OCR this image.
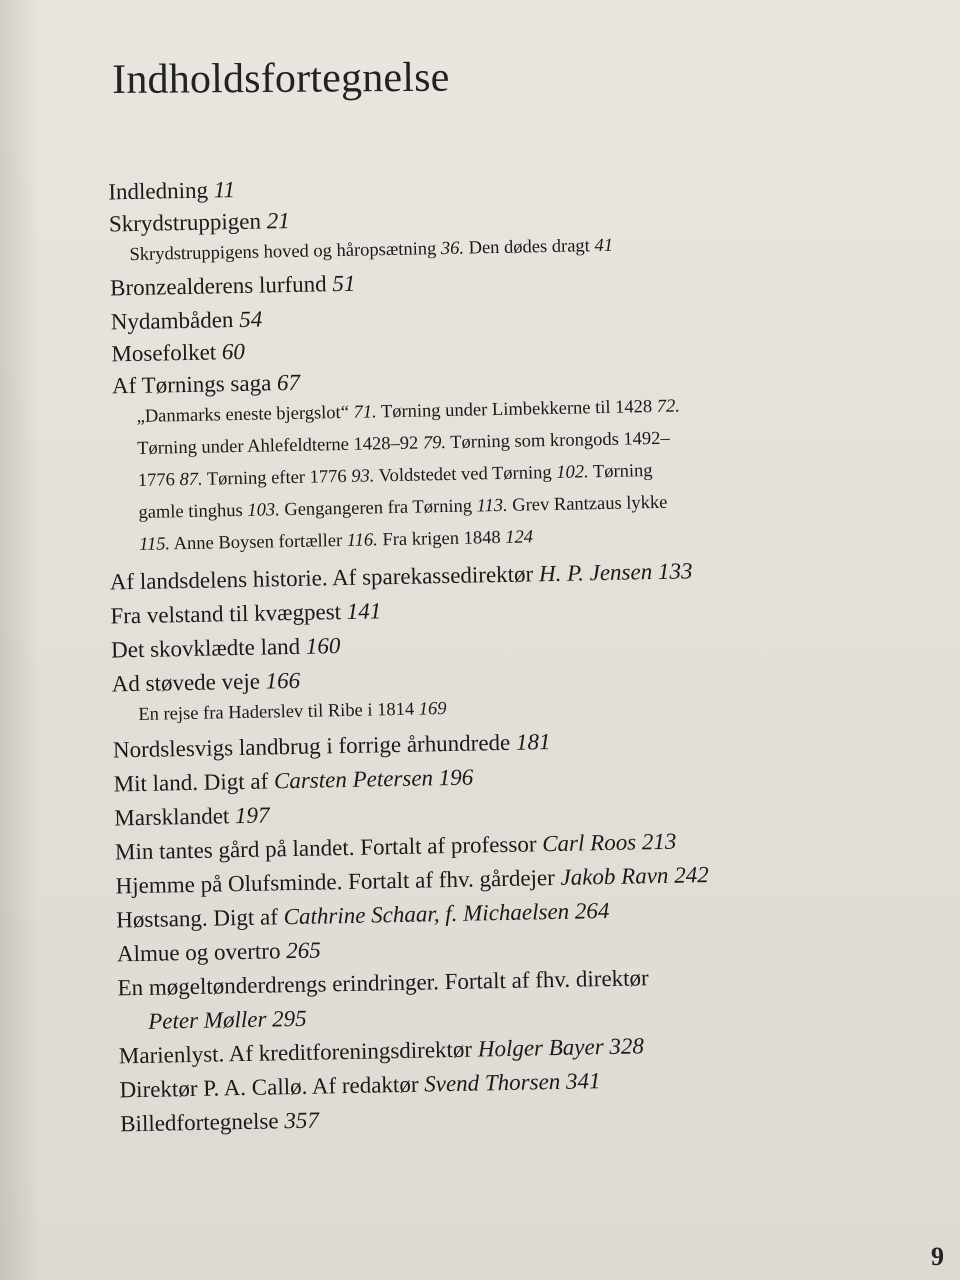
Indholdsfortegnelse
Indledning 11
Skrydstruppigen 21
Skrydstruppigens hoved og håropsætning 36. Den dødes dragt 41
Bronzealderens lurfund 51
Nydambåden 54
Mosefolket 60
Af Tørnings saga 67
„Danmarks eneste bjergslot“ 71. Tørning under Limbekkerne til 1428 72.
Tørning under Ahlefeldterne 1428–92 79. Tørning som krongods 1492–
1776 87. Tørning efter 1776 93. Voldstedet ved Tørning 102. Tørning
gamle tinghus 103. Gengangeren fra Tørning 113. Grev Rantzaus lykke
115. Anne Boysen fortæller 116. Fra krigen 1848 124
Af landsdelens historie. Af sparekassedirektør H. P. Jensen 133
Fra velstand til kvægpest 141
Det skovklædte land 160
Ad støvede veje 166
En rejse fra Haderslev til Ribe i 1814 169
Nordslesvigs landbrug i forrige århundrede 181
Mit land. Digt af Carsten Petersen 196
Marsklandet 197
Min tantes gård på landet. Fortalt af professor Carl Roos 213
Hjemme på Olufsminde. Fortalt af fhv. gårdejer Jakob Ravn 242
Høstsang. Digt af Cathrine Schaar, f. Michaelsen 264
Almue og overtro 265
En møgeltønderdrengs erindringer. Fortalt af fhv. direktør
Peter Møller 295
Marienlyst. Af kreditforeningsdirektør Holger Bayer 328
Direktør P. A. Callø. Af redaktør Svend Thorsen 341
Billedfortegnelse 357
9
